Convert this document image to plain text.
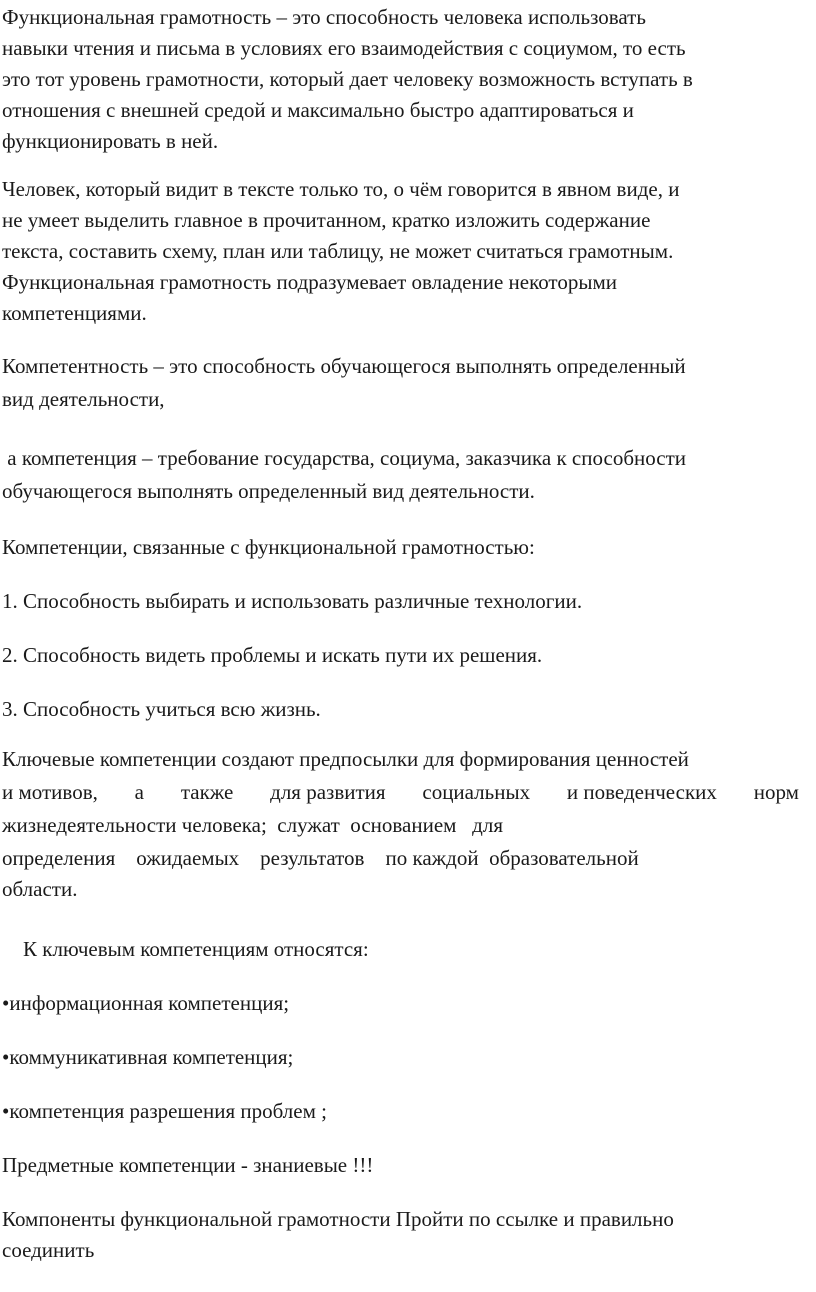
Функциональная грамотность – это способность человека использовать
навыки чтения и письма в условиях его взаимодействия с социумом, то есть
это тот уровень грамотности, который дает человеку возможность вступать в
отношения с внешней средой и максимально быстро адаптироваться и
функционировать в ней.
Человек, который видит в тексте только то, о чём говорится в явном виде, и
не умеет выделить главное в прочитанном, кратко изложить содержание
текста, составить схему, план или таблицу, не может считаться грамотным.
Функциональная грамотность подразумевает овладение некоторыми
компетенциями.
Компетентность – это способность обучающегося выполнять определенный
вид деятельности,
а компетенция – требование государства, социума, заказчика к способности
обучающегося выполнять определенный вид деятельности.
Компетенции, связанные с функциональной грамотностью:
1. Способность выбирать и использовать различные технологии.
2. Способность видеть проблемы и искать пути их решения.
3. Способность учиться всю жизнь.
Ключевые компетенции создают предпосылки для формирования ценностей
и мотивов, а также для развития социальных и поведенческих норм
жизнедеятельности человека;  служат  основанием   для
определения    ожидаемых    результатов    по каждой  образовательной
области.
К ключевым компетенциям относятся:
•информационная компетенция;
•коммуникативная компетенция;
•компетенция разрешения проблем ;
Предметные компетенции - знаниевые !!!
Компоненты функциональной грамотности Пройти по ссылке и правильно
соединить
